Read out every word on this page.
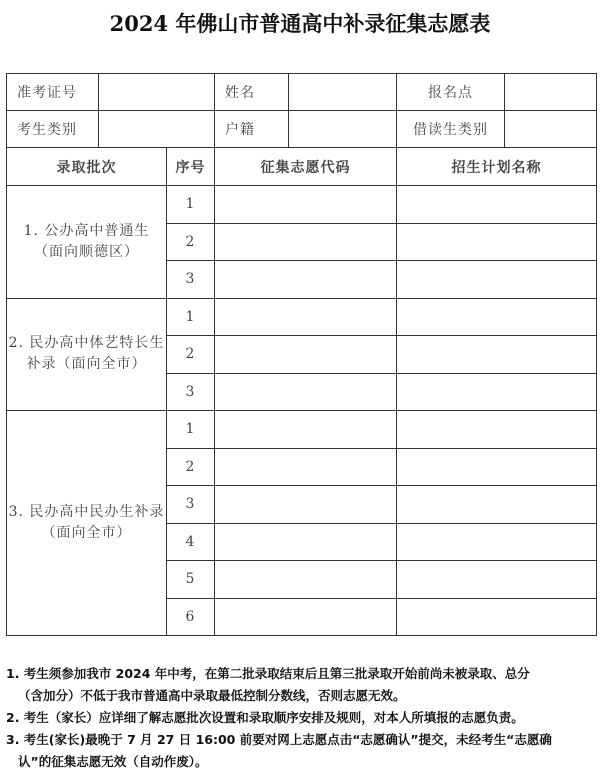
2024 年佛山市普通高中补录征集志愿表
准考证号			姓名		报名点	
考生类别			户籍		借读生类别	
录取批次		序号	征集志愿代码		招生计划名称	
1. 公办高中普通生
（面向顺德区）		1				
		2				
		3				
2. 民办高中体艺特长生
补录（面向全市）		1				
		2				
		3				
3. 民办高中民办生补录
（面向全市）		1				
		2				
		3				
		4				
		5				
		6				

1. 考生须参加我市 2024 年中考，在第二批录取结束后且第三批录取开始前尚未被录取、总分

（含加分）不低于我市普通高中录取最低控制分数线，否则志愿无效。

2. 考生（家长）应详细了解志愿批次设置和录取顺序安排及规则，对本人所填报的志愿负责。

3. 考生(家长)最晚于 7 月 27 日 16:00 前要对网上志愿点击“志愿确认”提交，未经考生“志愿确

认”的征集志愿无效（自动作废）。
